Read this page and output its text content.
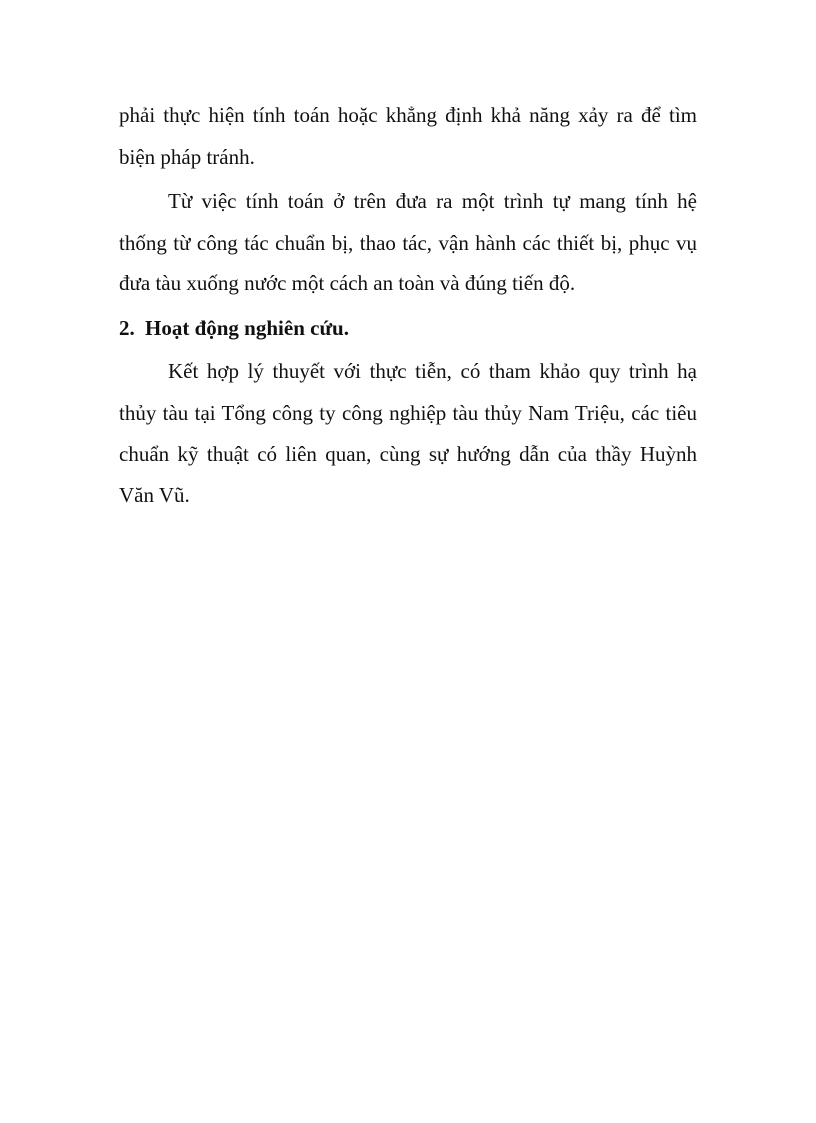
phải thực hiện tính toán hoặc khẳng định khả năng xảy ra để tìm
biện pháp tránh.
Từ việc tính toán ở trên đưa ra một trình tự mang tính hệ
thống từ công tác chuẩn bị, thao tác, vận hành các thiết bị, phục vụ
đưa tàu xuống nước một cách an toàn và đúng tiến độ.
2. Hoạt động nghiên cứu.
Kết hợp lý thuyết với thực tiễn, có tham khảo quy trình hạ
thủy tàu tại Tổng công ty công nghiệp tàu thủy Nam Triệu, các tiêu
chuẩn kỹ thuật có liên quan, cùng sự hướng dẫn của thầy Huỳnh
Văn Vũ.
